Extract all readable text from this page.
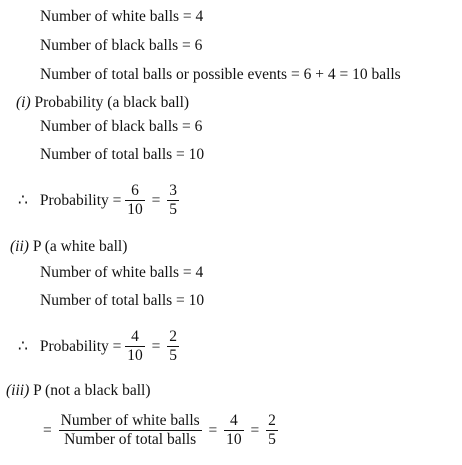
Number of white balls = 4
Number of black balls = 6
Number of total balls or possible events = 6 + 4 = 10 balls
(i) Probability (a black ball)
Number of black balls = 6
Number of total balls = 10
∴ Probability = $\frac{6}{10} = \frac{3}{5}$
(ii) P (a white ball)
Number of white balls = 4
Number of total balls = 10
∴ Probability = $\frac{4}{10} = \frac{2}{5}$
(iii) P (not a black ball)
= $\frac{\text{Number of white balls}}{\text{Number of total balls}} = \frac{4}{10} = \frac{2}{5}$
